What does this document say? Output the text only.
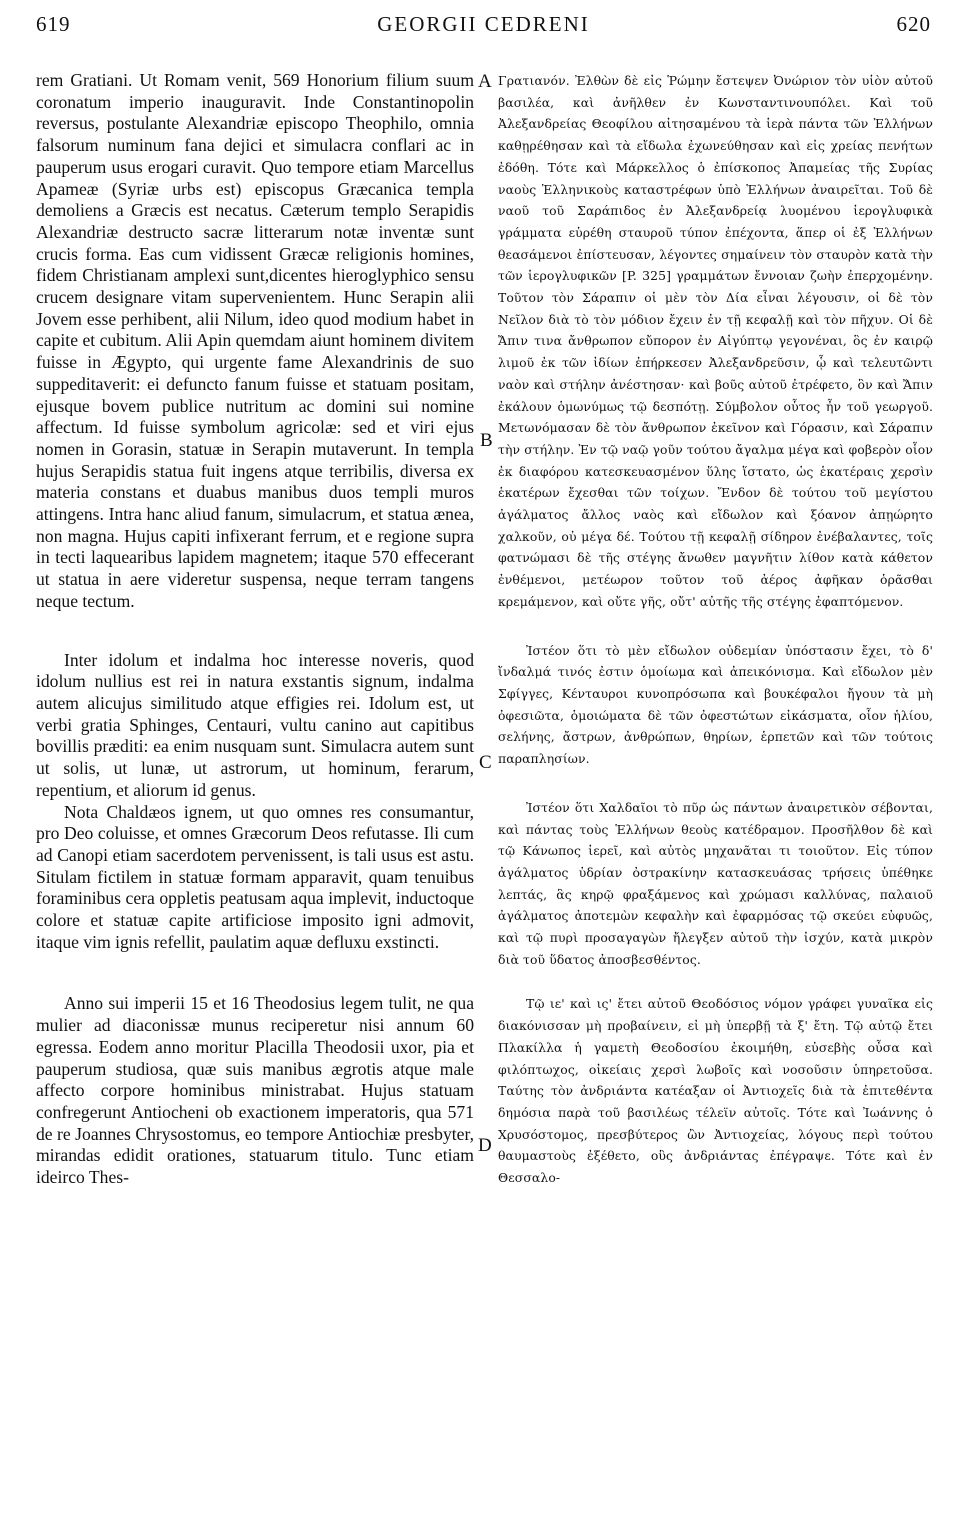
619	GEORGII CEDRENI	620

rem Gratiani. Ut Romam venit, 569 Honorium filium suum coronatum imperio inauguravit. Inde Constantinopolin reversus, postulante Alexandriæ episcopo Theophilo, omnia falsorum numinum fana dejici et simulacra conflari ac in pauperum usus erogari curavit. Quo tempore etiam Marcellus Apameæ (Syriæ urbs est) episcopus Græcanica templa demoliens a Græcis est necatus. Cæterum templo Serapidis Alexandriæ destructo sacræ litterarum notæ inventæ sunt crucis forma. Eas cum vidissent Græcæ religionis homines, fidem Christianam amplexi sunt,dicentes hieroglyphico sensu crucem designare vitam supervenientem. Hunc Serapin alii Jovem esse perhibent, alii Nilum, ideo quod modium habet in capite et cubitum. Alii Apin quemdam aiunt hominem divitem fuisse in Ægypto, qui urgente fame Alexandrinis de suo suppeditaverit: ei defuncto fanum fuisse et statuam positam, ejusque bovem publice nutritum ac domini sui nomine affectum. Id fuisse symbolum agricolæ: sed et viri ejus nomen in Gorasin, statuæ in Serapin mutaverunt. In templa hujus Serapidis statua fuit ingens atque terribilis, diversa ex materia constans et duabus manibus duos templi muros attingens. Intra hanc aliud fanum, simulacrum, et statua ænea, non magna. Hujus capiti infixerant ferrum, et e regione supra in tecti laquearibus lapidem magnetem; itaque 570 effecerant ut statua in aere videretur suspensa, neque terram tangens neque tectum.

Inter idolum et indalma hoc interesse noveris, quod idolum nullius est rei in natura exstantis signum, indalma autem alicujus similitudo atque effigies rei. Idolum est, ut verbi gratia Sphinges, Centauri, vultu canino aut capitibus bovillis præditi: ea enim nusquam sunt. Simulacra autem sunt ut solis, ut lunæ, ut astrorum, ut hominum, ferarum, repentium, et aliorum id genus.

Nota Chaldæos ignem, ut quo omnes res consumantur, pro Deo coluisse, et omnes Græcorum Deos refutasse. Ili cum ad Canopi etiam sacerdotem pervenissent, is tali usus est astu. Situlam fictilem in statuæ formam apparavit, quam tenuibus foraminibus cera oppletis peatusam aqua implevit, inductoque colore et statuæ capite artificiose imposito igni admovit, itaque vim ignis refellit, paulatim aquæ defluxu exstincti.

Anno sui imperii 15 et 16 Theodosius legem tulit, ne qua mulier ad diaconissæ munus reciperetur nisi annum 60 egressa. Eodem anno moritur Placilla Theodosii uxor, pia et pauperum studiosa, quæ suis manibus ægrotis atque male affecto corpore hominibus ministrabat. Hujus statuam confregerunt Antiocheni ob exactionem imperatoris, qua 571 de re Joannes Chrysostomus, eo tempore Antiochiæ presbyter, mirandas edidit orationes, statuarum titulo. Tunc etiam ideirco Thes-

Γρατιανόν. Ἐλθὼν δὲ εἰς Ῥώμην ἔστεψεν Ὀνώριον τὸν υἱὸν αὐτοῦ βασιλέα, καὶ ἀνῆλθεν ἐν Κωνσταντινουπόλει. Καὶ τοῦ Ἀλεξανδρείας Θεοφίλου αἰτησαμένου τὰ ἱερὰ πάντα τῶν Ἑλλήνων καθῃρέθησαν καὶ τὰ εἴδωλα ἐχωνεύθησαν καὶ εἰς χρείας πενήτων ἐδόθη. Τότε καὶ Μάρκελλος ὁ ἐπίσκοπος Ἀπαμείας τῆς Συρίας ναοὺς Ἑλληνικοὺς καταστρέφων ὑπὸ Ἑλλήνων ἀναιρεῖται. Τοῦ δὲ ναοῦ τοῦ Σαράπιδος ἐν Ἀλεξανδρείᾳ λυομένου ἱερογλυφικὰ γράμματα εὑρέθη σταυροῦ τύπον ἐπέχοντα, ἅπερ οἱ ἐξ Ἑλλήνων θεασάμενοι ἐπίστευσαν, λέγοντες σημαίνειν τὸν σταυρὸν κατὰ τὴν τῶν ἱερογλυφικῶν [P. 325] γραμμάτων ἔννοιαν ζωὴν ἐπερχομένην. Τοῦτον τὸν Σάραπιν οἱ μὲν τὸν Δία εἶναι λέγουσιν, οἱ δὲ τὸν Νεῖλον διὰ τὸ τὸν μόδιον ἔχειν ἐν τῇ κεφαλῇ καὶ τὸν πῆχυν. Οἱ δὲ Ἄπιν τινα ἄνθρωπον εὔπορον ἐν Αἰγύπτῳ γεγονέναι, ὃς ἐν καιρῷ λιμοῦ ἐκ τῶν ἰδίων ἐπήρκεσεν Ἀλεξανδρεῦσιν, ᾧ καὶ τελευτῶντι ναὸν καὶ στήλην ἀνέστησαν· καὶ βοῦς αὐτοῦ ἐτρέφετο, ὃν καὶ Ἄπιν ἐκάλουν ὁμωνύμως τῷ δεσπότῃ. Σύμβολον οὗτος ἦν τοῦ γεωργοῦ. Μετωνόμασαν δὲ τὸν ἄνθρωπον ἐκεῖνον καὶ Γόρασιν, καὶ Σάραπιν τὴν στήλην. Ἐν τῷ ναῷ γοῦν τούτου ἄγαλμα μέγα καὶ φοβερὸν οἷον ἐκ διαφόρου κατεσκευασμένον ὕλης ἵστατο, ὡς ἑκατέραις χερσὶν ἑκατέρων ἔχεσθαι τῶν τοίχων. Ἔνδον δὲ τούτου τοῦ μεγίστου ἀγάλματος ἄλλος ναὸς καὶ εἴδωλον καὶ ξόανον ἀπῃώρητο χαλκοῦν, οὐ μέγα δέ. Τούτου τῇ κεφαλῇ σίδηρον ἐνέβαλαντες, τοῖς φατνώμασι δὲ τῆς στέγης ἄνωθεν μαγνῆτιν λίθον κατὰ κάθετον ἐνθέμενοι, μετέωρον τοῦτον τοῦ ἀέρος ἀφῆκαν ὁρᾶσθαι κρεμάμενον, καὶ οὔτε γῆς, οὔτ' αὐτῆς τῆς στέγης ἐφαπτόμενον.

Ἰστέον ὅτι τὸ μὲν εἴδωλον οὐδεμίαν ὑπόστασιν ἔχει, τὸ δ' ἴνδαλμά τινός ἐστιν ὁμοίωμα καὶ ἀπεικόνισμα. Καὶ εἴδωλον μὲν Σφίγγες, Κένταυροι κυνοπρόσωπα καὶ βουκέφαλοι ἤγουν τὰ μὴ ὀφεσιῶτα, ὁμοιώματα δὲ τῶν ὀφεστώτων εἰκάσματα, οἷον ἡλίου, σελήνης, ἄστρων, ἀνθρώπων, θηρίων, ἑρπετῶν καὶ τῶν τούτοις παραπλησίων.

Ἰστέον ὅτι Χαλδαῖοι τὸ πῦρ ὡς πάντων ἀναιρετικὸν σέβονται, καὶ πάντας τοὺς Ἑλλήνων θεοὺς κατέδραμον. Προσῆλθον δὲ καὶ τῷ Κάνωπος ἱερεῖ, καὶ αὐτὸς μηχανᾶται τι τοιοῦτον. Εἰς τύπον ἀγάλματος ὑδρίαν ὀστρακίνην κατασκευάσας τρήσεις ὑπέθηκε λεπτάς, ἃς κηρῷ φραξάμενος καὶ χρώμασι καλλύνας, παλαιοῦ ἀγάλματος ἀποτεμὼν κεφαλὴν καὶ ἐφαρμόσας τῷ σκεύει εὐφυῶς, καὶ τῷ πυρὶ προσαγαγὼν ἤλεγξεν αὐτοῦ τὴν ἰσχύν, κατὰ μικρὸν διὰ τοῦ ὕδατος ἀποσβεσθέντος.

Τῷ ιε' καὶ ις' ἔτει αὐτοῦ Θεοδόσιος νόμον γράφει γυναῖκα εἰς διακόνισσαν μὴ προβαίνειν, εἰ μὴ ὑπερβῇ τὰ ξ' ἔτη. Τῷ αὐτῷ ἔτει Πλακίλλα ἡ γαμετὴ Θεοδοσίου ἐκοιμήθη, εὐσεβὴς οὖσα καὶ φιλόπτωχος, οἰκείαις χερσὶ λωβοῖς καὶ νοσοῦσιν ὑπηρετοῦσα. Ταύτης τὸν ἀνδριάντα κατέαξαν οἱ Ἀντιοχεῖς διὰ τὰ ἐπιτεθέντα δημόσια παρὰ τοῦ βασιλέως τέλεϊν αὐτοῖς. Τότε καὶ Ἰωάννης ὁ Χρυσόστομος, πρεσβύτερος ὢν Ἀντιοχείας, λόγους περὶ τούτου θαυμαστοὺς ἐξέθετο, οὓς ἀνδριάντας ἐπέγραψε. Τότε καὶ ἐν Θεσσαλο-

A
B
C
D
